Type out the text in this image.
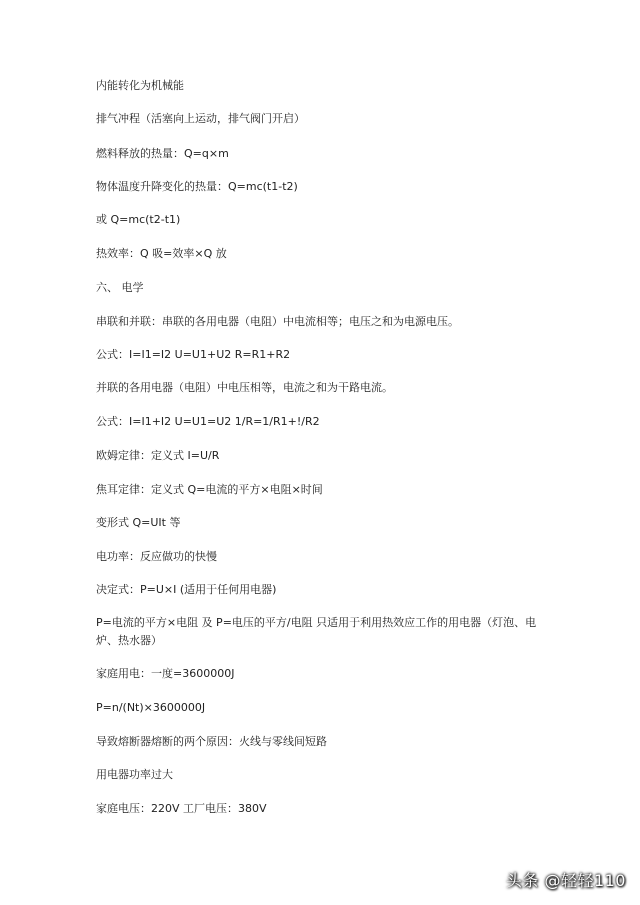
内能转化为机械能
排气冲程（活塞向上运动，排气阀门开启）
燃料释放的热量：Q=q×m
物体温度升降变化的热量：Q=mc(t1-t2)
或 Q=mc(t2-t1)
热效率：Q 吸=效率×Q 放
六、 电学
串联和并联：串联的各用电器（电阻）中电流相等；电压之和为电源电压。
公式：I=I1=I2 U=U1+U2 R=R1+R2
并联的各用电器（电阻）中电压相等，电流之和为干路电流。
公式：I=I1+I2 U=U1=U2 1/R=1/R1+!/R2
欧姆定律：定义式 I=U/R
焦耳定律：定义式 Q=电流的平方×电阻×时间
变形式 Q=UIt 等
电功率：反应做功的快慢
决定式：P=U×I (适用于任何用电器)
P=电流的平方×电阻 及 P=电压的平方/电阻 只适用于利用热效应工作的用电器（灯泡、电炉、热水器）
家庭用电：一度=3600000J
P=n/(Nt)×3600000J
导致熔断器熔断的两个原因：火线与零线间短路
用电器功率过大
家庭电压：220V 工厂电压：380V
头条 @轻轻110
